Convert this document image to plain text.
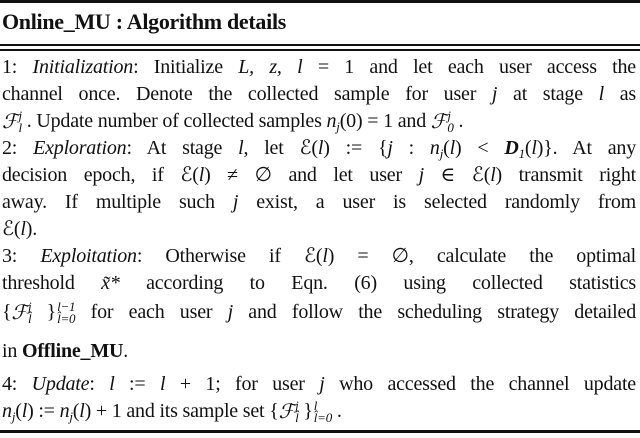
Online_MU : Algorithm details
1: Initialization: Initialize L, z, l = 1 and let each user access the
channel once. Denote the collected sample for user j at stage l as
ℱ j
l . Update number of collected samples $n_j(0) = 1$ and ℱ j
0 .
2: Exploration: At stage l, let ℰ(l) := {j : $n_j(l) < D_1(l)$}. At any
decision epoch, if ℰ(l) ≠ ∅ and let user j ∈ ℰ(l) transmit right
away. If multiple such j exist, a user is selected randomly from
ℰ(l).
3: Exploitation: Otherwise if ℰ(l) = ∅, calculate the optimal
threshold x̃* according to Eqn. (6) using collected statistics
{ ℱ j
l̂ } l−1
l̂=0 for each user j and follow the scheduling strategy detailed
in Offline_MU.
4: Update: l := l + 1; for user j who accessed the channel update
$n_j(l)$ := $n_j(l) + 1$ and its sample set { ℱ j
l̂ } l
l̂=0 .
